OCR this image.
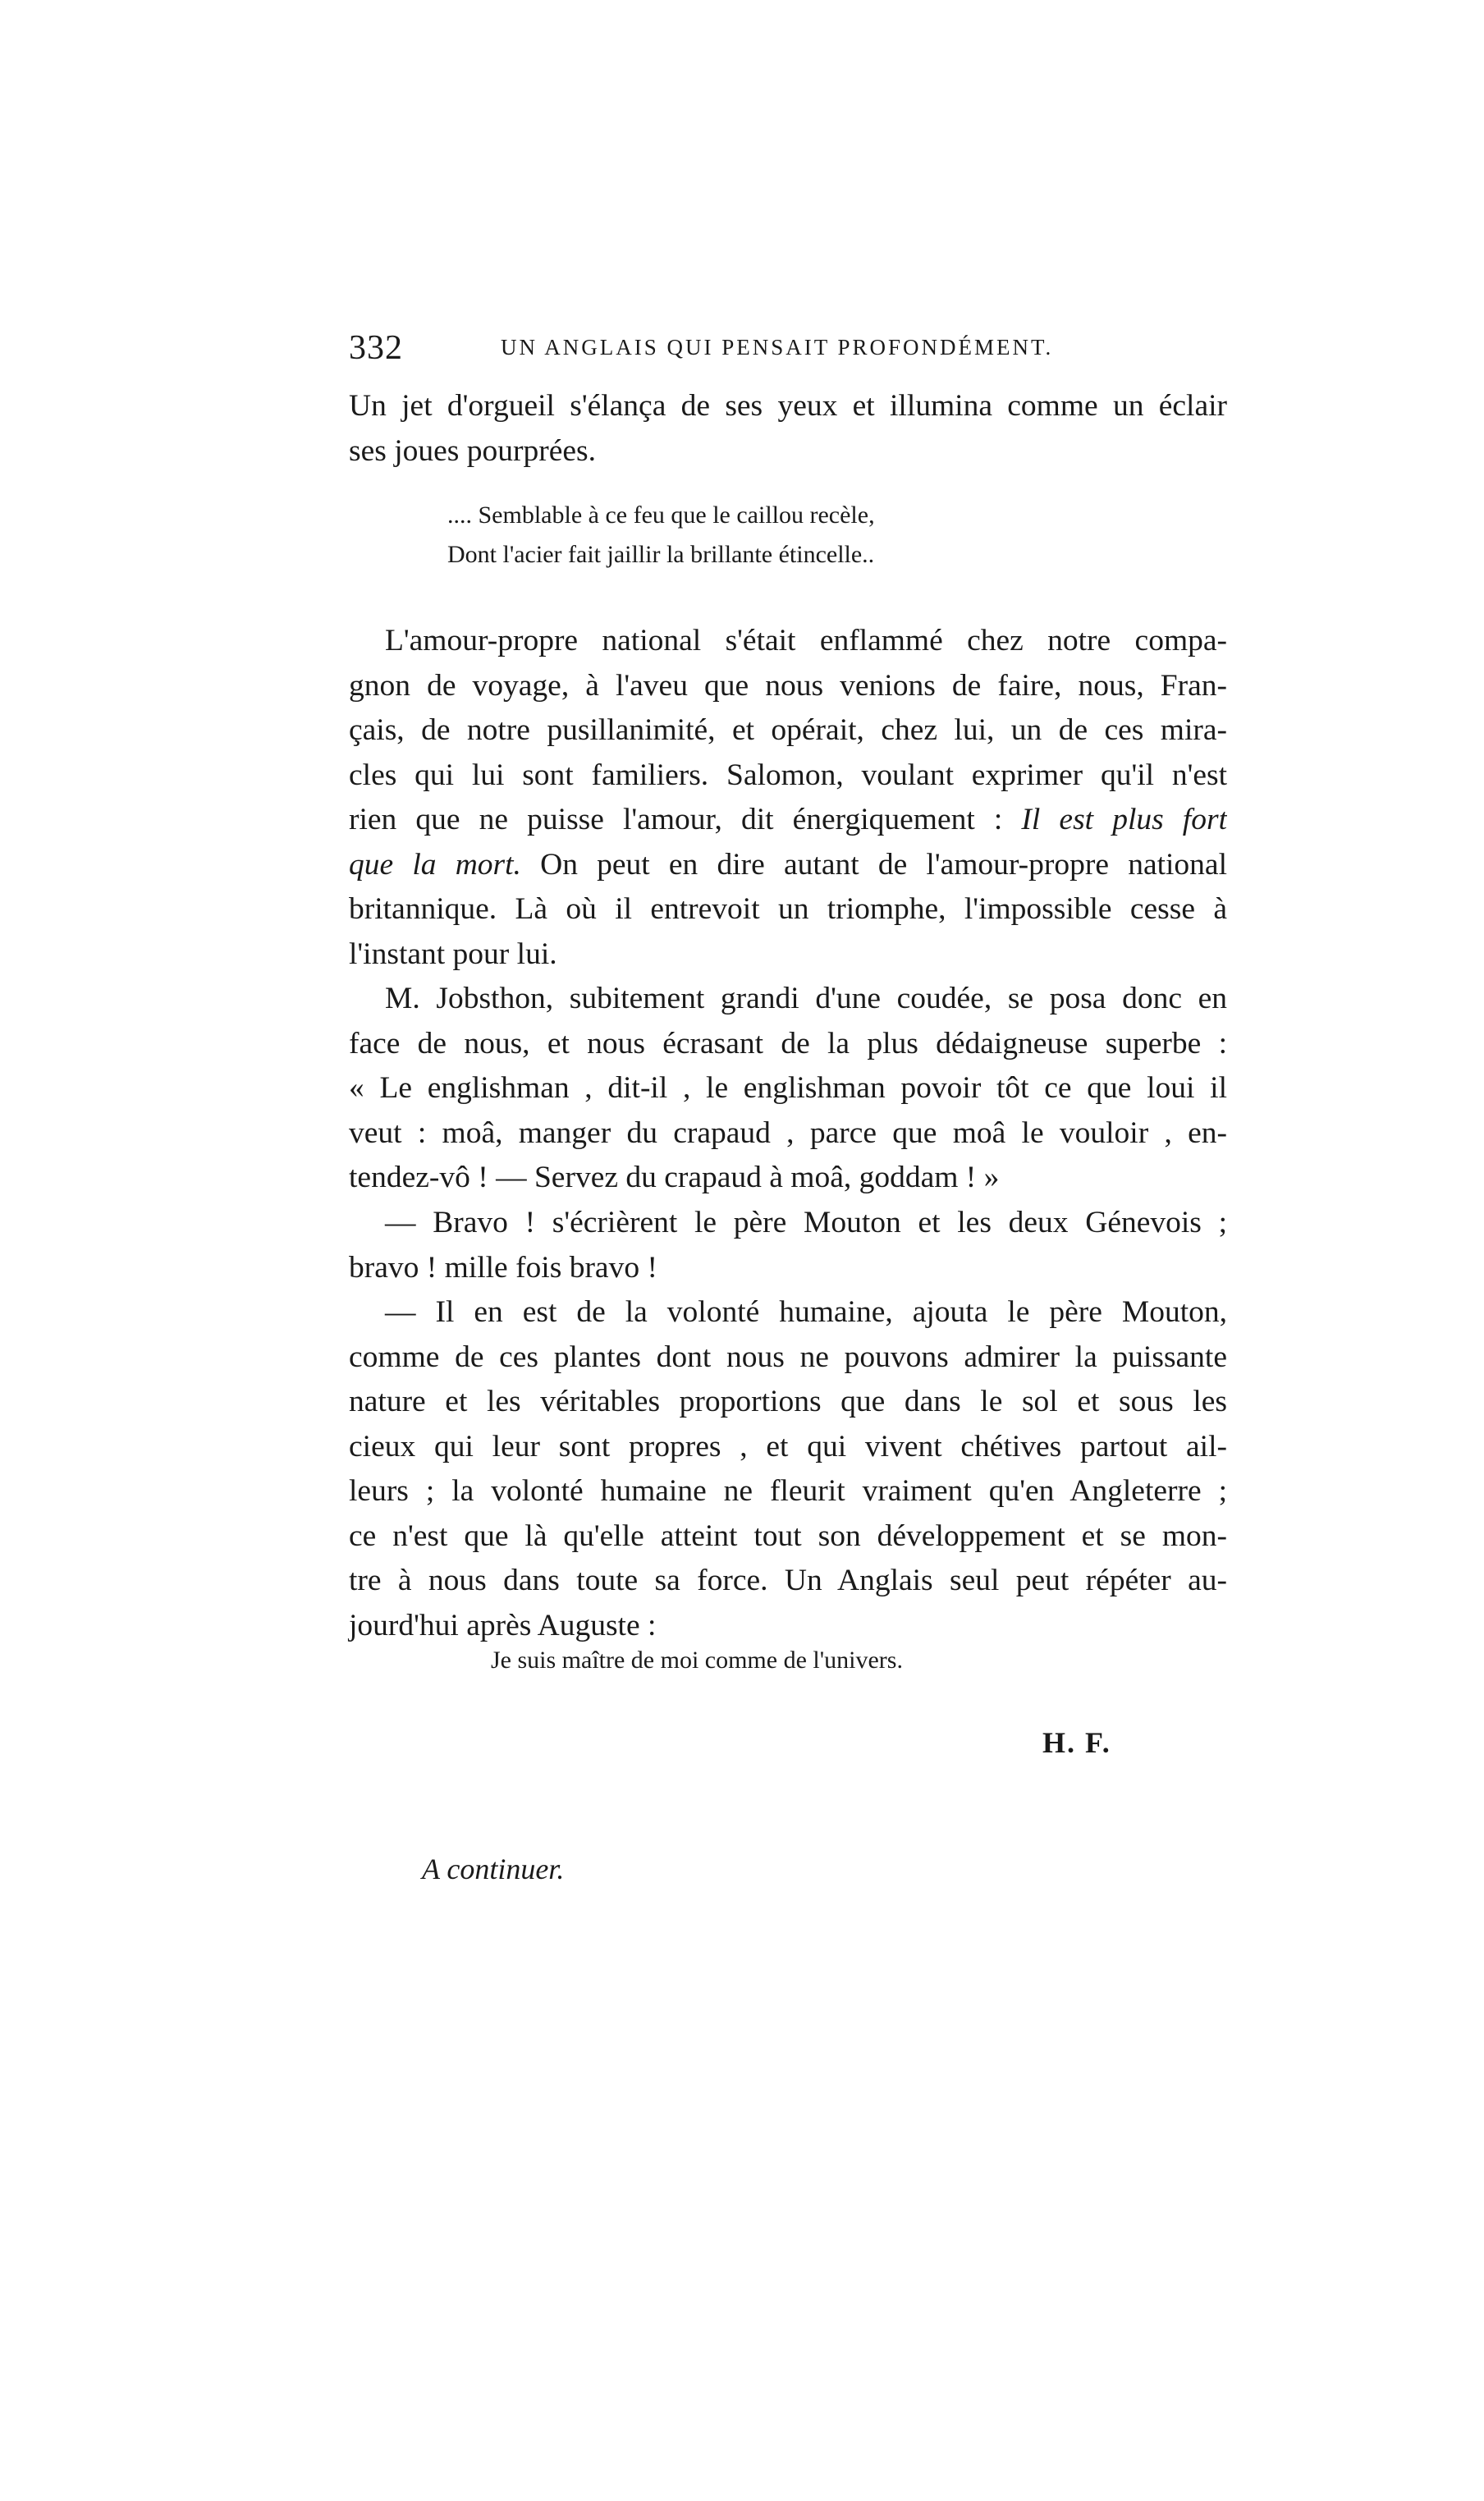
332	UN ANGLAIS QUI PENSAIT PROFONDÉMENT.
Un jet d'orgueil s'élança de ses yeux et illumina comme un éclair
ses joues pourprées.
.... Semblable à ce feu que le caillou recèle,
Dont l'acier fait jaillir la brillante étincelle..
L'amour-propre national s'était enflammé chez notre compa-
gnon de voyage, à l'aveu que nous venions de faire, nous, Fran-
çais, de notre pusillanimité, et opérait, chez lui, un de ces mira-
cles qui lui sont familiers. Salomon, voulant exprimer qu'il n'est
rien que ne puisse l'amour, dit énergiquement : Il est plus fort
que la mort. On peut en dire autant de l'amour-propre national
britannique. Là où il entrevoit un triomphe, l'impossible cesse à
l'instant pour lui.
M. Jobsthon, subitement grandi d'une coudée, se posa donc en
face de nous, et nous écrasant de la plus dédaigneuse superbe :
« Le englishman , dit-il , le englishman povoir tôt ce que loui il
veut : moâ, manger du crapaud , parce que moâ le vouloir , en-
tendez-vô ! — Servez du crapaud à moâ, goddam ! »
— Bravo ! s'écrièrent le père Mouton et les deux Génevois ;
bravo ! mille fois bravo !
— Il en est de la volonté humaine, ajouta le père Mouton,
comme de ces plantes dont nous ne pouvons admirer la puissante
nature et les véritables proportions que dans le sol et sous les
cieux qui leur sont propres , et qui vivent chétives partout ail-
leurs ; la volonté humaine ne fleurit vraiment qu'en Angleterre ;
ce n'est que là qu'elle atteint tout son développement et se mon-
tre à nous dans toute sa force. Un Anglais seul peut répéter au-
jourd'hui après Auguste :
Je suis maître de moi comme de l'univers.
H. F.
A continuer.
